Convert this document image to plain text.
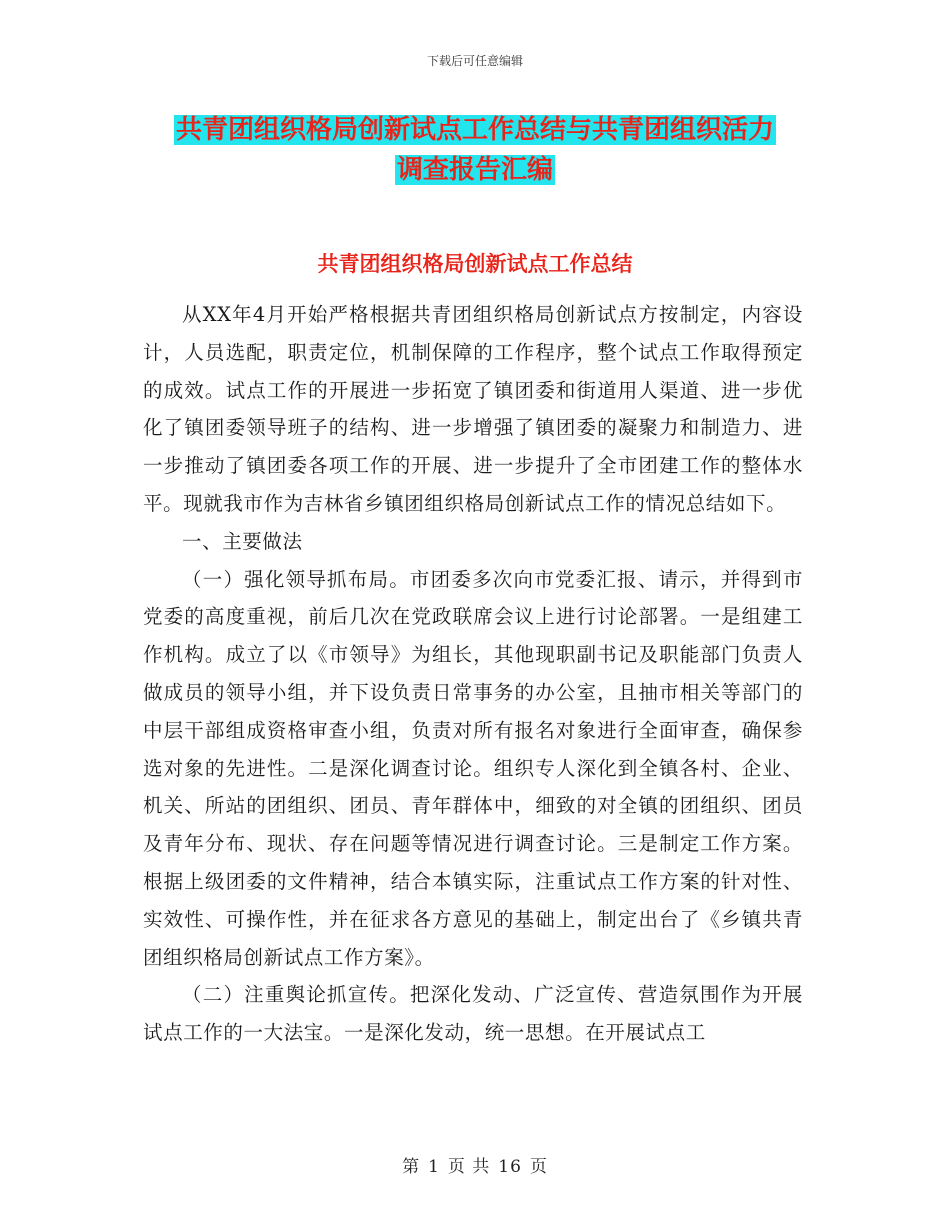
下载后可任意编辑
共青团组织格局创新试点工作总结与共青团组织活力
调查报告汇编
共青团组织格局创新试点工作总结

从XX年4月开始严格根据共青团组织格局创新试点方按制定，内容设计，人员选配，职责定位，机制保障的工作程序，整个试点工作取得预定的成效。试点工作的开展进一步拓宽了镇团委和街道用人渠道、进一步优化了镇团委领导班子的结构、进一步增强了镇团委的凝聚力和制造力、进一步推动了镇团委各项工作的开展、进一步提升了全市团建工作的整体水平。现就我市作为吉林省乡镇团组织格局创新试点工作的情况总结如下。

一、主要做法

（一）强化领导抓布局。市团委多次向市党委汇报、请示，并得到市党委的高度重视，前后几次在党政联席会议上进行讨论部署。一是组建工作机构。成立了以《市领导》为组长，其他现职副书记及职能部门负责人做成员的领导小组，并下设负责日常事务的办公室，且抽市相关等部门的中层干部组成资格审查小组，负责对所有报名对象进行全面审查，确保参选对象的先进性。二是深化调查讨论。组织专人深化到全镇各村、企业、机关、所站的团组织、团员、青年群体中，细致的对全镇的团组织、团员及青年分布、现状、存在问题等情况进行调查讨论。三是制定工作方案。根据上级团委的文件精神，结合本镇实际，注重试点工作方案的针对性、实效性、可操作性，并在征求各方意见的基础上，制定出台了《乡镇共青团组织格局创新试点工作方案》。

（二）注重舆论抓宣传。把深化发动、广泛宣传、营造氛围作为开展试点工作的一大法宝。一是深化发动，统一思想。在开展试点工

第 1 页 共 16 页
